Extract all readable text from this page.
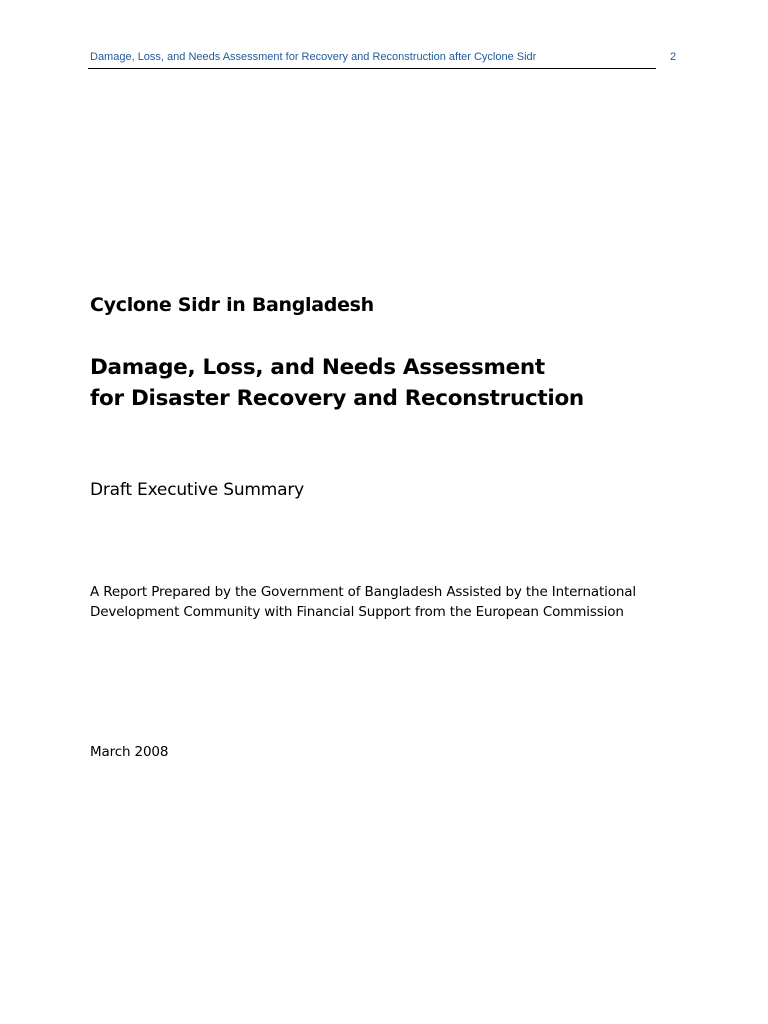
Damage, Loss, and Needs Assessment for Recovery and Reconstruction after Cyclone Sidr	2
Cyclone Sidr in Bangladesh
Damage, Loss, and Needs Assessment
for Disaster Recovery and Reconstruction
Draft Executive Summary
A Report Prepared by the Government of Bangladesh Assisted by the International
Development Community with Financial Support from the European Commission
March 2008
